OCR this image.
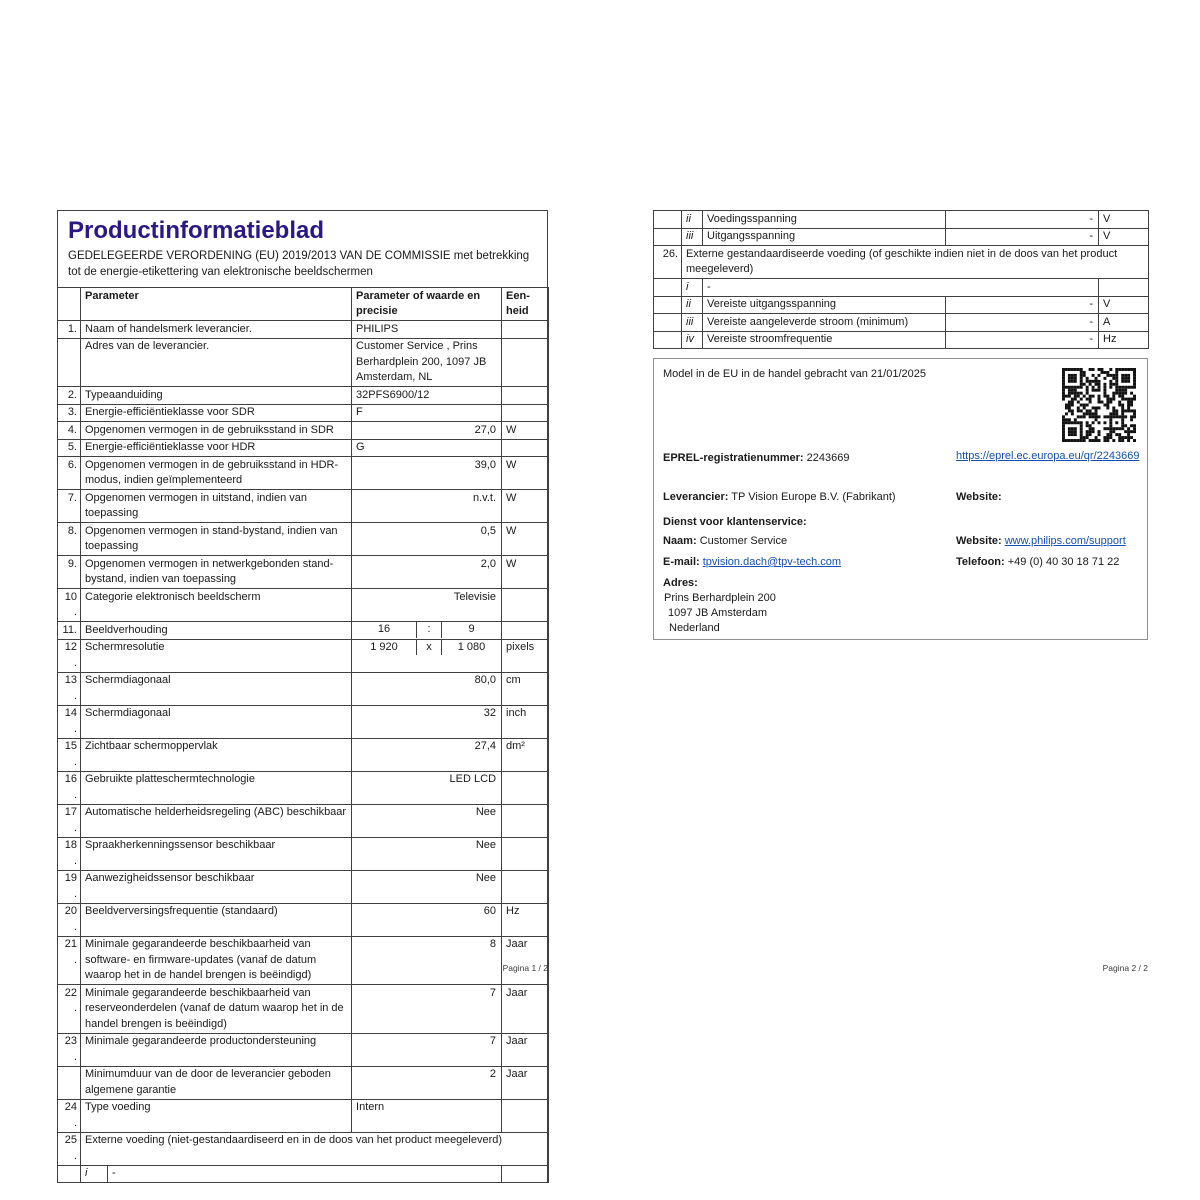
Productinformatieblad
GEDELEGEERDE VERORDENING (EU) 2019/2013 VAN DE COMMISSIE met betrekking tot de energie-etikettering van elektronische beeldschermen
	Parameter		Parameter of waarde en precisie	Een-
heid
1.	Naam of handelsmerk leverancier.		PHILIPS	
	Adres van de leverancier.		Customer Service , Prins Berhardplein 200, 1097 JB Amsterdam, NL	
2.	Typeaanduiding		32PFS6900/12	
3.	Energie-efficiëntieklasse voor SDR		F	
4.	Opgenomen vermogen in de gebruiksstand in SDR		27,0	W
5.	Energie-efficiëntieklasse voor HDR		G	
6.	Opgenomen vermogen in de gebruiksstand in HDR-modus, indien geïmplementeerd		39,0	W
7.	Opgenomen vermogen in uitstand, indien van toepassing		n.v.t.	W
8.	Opgenomen vermogen in stand-bystand, indien van toepassing		0,5	W
9.	Opgenomen vermogen in netwerkgebonden stand-bystand, indien van toepassing		2,0	W
10.	Categorie elektronisch beeldscherm		Televisie	
11.	Beeldverhouding		16 : 9	

12.	Schermresolutie		1 920 x 1 080	pixels
13.	Schermdiagonaal		80,0	cm
14.	Schermdiagonaal		32	inch
15.	Zichtbaar schermoppervlak		27,4	dm²
16.	Gebruikte platteschermtechnologie		LED LCD	
17.	Automatische helderheidsregeling (ABC) beschikbaar		Nee	
18.	Spraakherkenningssensor beschikbaar		Nee	
19.	Aanwezigheidssensor beschikbaar		Nee	
20.	Beeldverversingsfrequentie (standaard)		60	Hz
21.	Minimale gegarandeerde beschikbaarheid van software- en firmware-updates (vanaf de datum waarop het in de handel brengen is beëindigd)		8	Jaar
22.	Minimale gegarandeerde beschikbaarheid van reserveonderdelen (vanaf de datum waarop het in de handel brengen is beëindigd)		7	Jaar
23.	Minimale gegarandeerde productondersteuning		7	Jaar
	Minimumduur van de door de leverancier geboden algemene garantie		2	Jaar
24.	Type voeding		Intern	
25.	Externe voeding (niet-gestandaardiseerd en in de doos van het product meegeleverd)			
	i	-		
Pagina 1 / 2
	ii	Voedingsspanning	-	V
	iii	Uitgangsspanning	-	V
26.	Externe gestandaardiseerde voeding (of geschikte indien niet in de doos van het product meegeleverd)			
	i	-		
	ii	Vereiste uitgangsspanning	-	V
	iii	Vereiste aangeleverde stroom (minimum)	-	A
	iv	Vereiste stroomfrequentie	-	Hz
Model in de EU in de handel gebracht van 21/01/2025
EPREL-registratienummer: 2243669	https://eprel.ec.europa.eu/qr/2243669
Leverancier: TP Vision Europe B.V. (Fabrikant)	Website:
Dienst voor klantenservice:
Naam: Customer Service	Website: www.philips.com/support
E-mail: tpvision.dach@tpv-tech.com	Telefoon: +49 (0) 40 30 18 71 22
Adres:
Prins Berhardplein 200
1097 JB Amsterdam
Nederland
Pagina 2 / 2
